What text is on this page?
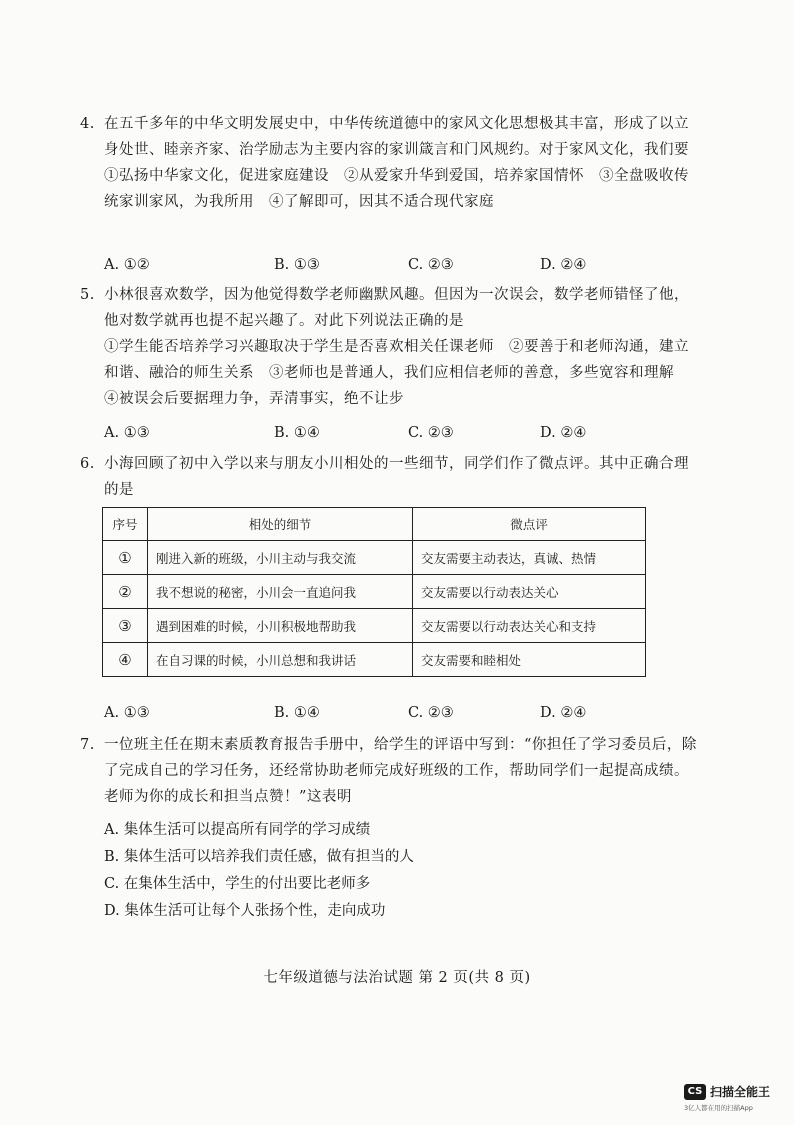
4. 在五千多年的中华文明发展史中，中华传统道德中的家风文化思想极其丰富，形成了以立身处世、睦亲齐家、治学励志为主要内容的家训箴言和门风规约。对于家风文化，我们要
①弘扬中华家文化，促进家庭建设　②从爱家升华到爱国，培养家国情怀　③全盘吸收传统家训家风，为我所用　④了解即可，因其不适合现代家庭
A. ①②	B. ①③	C. ②③	D. ②④
5. 小林很喜欢数学，因为他觉得数学老师幽默风趣。但因为一次误会，数学老师错怪了他，他对数学就再也提不起兴趣了。对此下列说法正确的是
①学生能否培养学习兴趣取决于学生是否喜欢相关任课老师　②要善于和老师沟通，建立和谐、融洽的师生关系　③老师也是普通人，我们应相信老师的善意，多些宽容和理解　④被误会后要据理力争，弄清事实，绝不让步
A. ①③	B. ①④	C. ②③	D. ②④
6. 小海回顾了初中入学以来与朋友小川相处的一些细节，同学们作了微点评。其中正确合理的是
序号	相处的细节	微点评
①	刚进入新的班级，小川主动与我交流	交友需要主动表达，真诚、热情
②	我不想说的秘密，小川会一直追问我	交友需要以行动表达关心
③	遇到困难的时候，小川积极地帮助我	交友需要以行动表达关心和支持
④	在自习课的时候，小川总想和我讲话	交友需要和睦相处
A. ①③	B. ①④	C. ②③	D. ②④
7. 一位班主任在期末素质教育报告手册中，给学生的评语中写到：“你担任了学习委员后，除了完成自己的学习任务，还经常协助老师完成好班级的工作，帮助同学们一起提高成绩。老师为你的成长和担当点赞！”这表明
A. 集体生活可以提高所有同学的学习成绩
B. 集体生活可以培养我们责任感，做有担当的人
C. 在集体生活中，学生的付出要比老师多
D. 集体生活可让每个人张扬个性，走向成功
七年级道德与法治试题 第 2 页(共 8 页)
CS 扫描全能王
3亿人都在用的扫描App
